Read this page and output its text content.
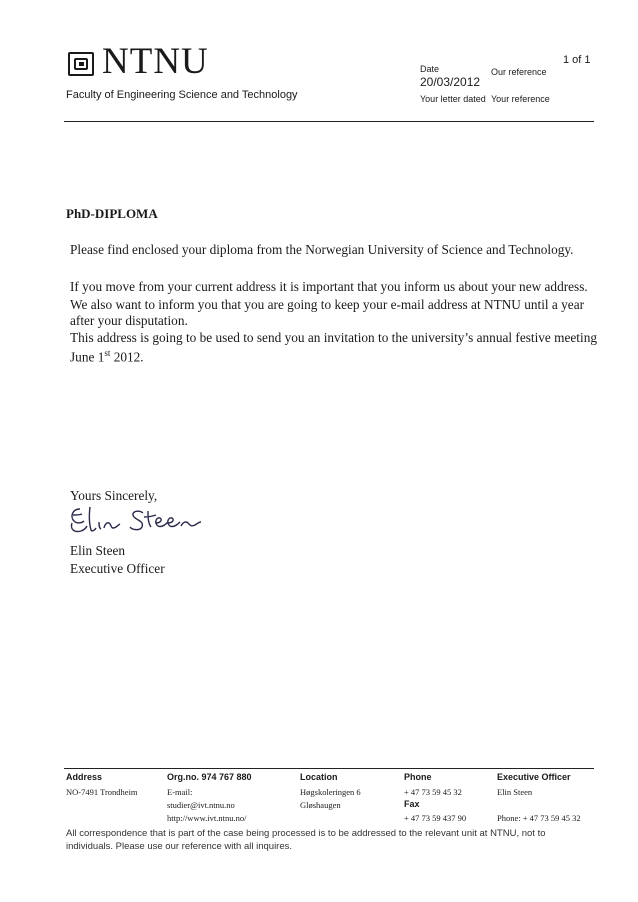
NTNU
Faculty of Engineering Science and Technology
1 of 1
Date
20/03/2012
Our reference
Your letter dated Your reference
PhD-DIPLOMA
Please find enclosed your diploma from the Norwegian University of Science and Technology.
If you move from your current address it is important that you inform us about your new address.
We also want to inform you that you are going to keep your e-mail address at NTNU until a year
after your disputation.
This address is going to be used to send you an invitation to the university’s annual festive meeting
June 1st 2012.
Yours Sincerely,
Elin Steen
Executive Officer
Address
NO-7491 Trondheim
Org.no. 974 767 880
E-mail:
studier@ivt.ntnu.no
http://www.ivt.ntnu.no/
Location
Høgskoleringen 6
Gløshaugen
Phone
+ 47 73 59 45 32
Fax
+ 47 73 59 437 90
Executive Officer
Elin Steen
Phone: + 47 73 59 45 32
All correspondence that is part of the case being processed is to be addressed to the relevant unit at NTNU, not to individuals. Please use our reference with all inquires.
